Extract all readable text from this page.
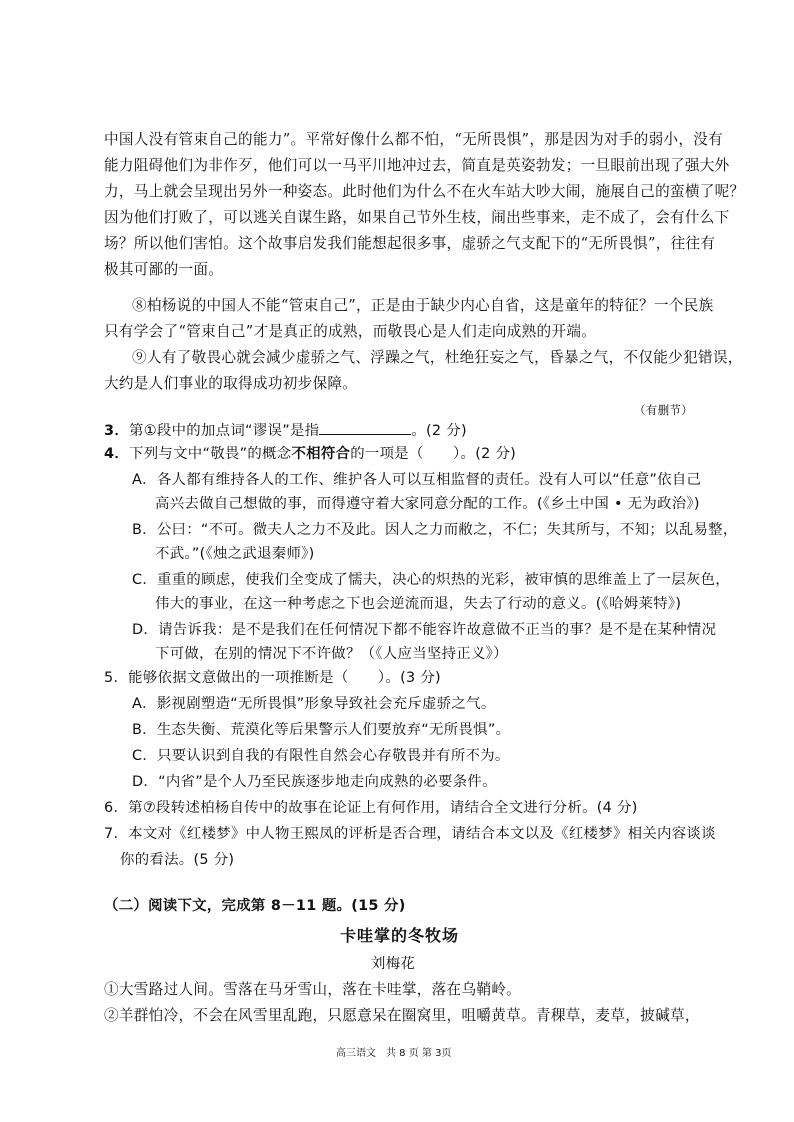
中国人没有管束自己的能力”。平常好像什么都不怕，“无所畏惧”，那是因为对手的弱小，没有
能力阻碍他们为非作歹，他们可以一马平川地冲过去，简直是英姿勃发；一旦眼前出现了强大外
力，马上就会呈现出另外一种姿态。此时他们为什么不在火车站大吵大闹，施展自己的蛮横了呢？
因为他们打败了，可以逃关自谋生路，如果自己节外生枝，闹出些事来，走不成了，会有什么下
场？所以他们害怕。这个故事启发我们能想起很多事，虚骄之气支配下的“无所畏惧”，往往有
极其可鄙的一面。
⑧柏杨说的中国人不能“管束自己”，正是由于缺少内心自省，这是童年的特征？一个民族
只有学会了“管束自己”才是真正的成熟，而敬畏心是人们走向成熟的开端。
⑨人有了敬畏心就会减少虚骄之气、浮躁之气，杜绝狂妄之气，昏暴之气，不仅能少犯错误，
大约是人们事业的取得成功初步保障。
（有删节）
3．第①段中的加点词“谬误”是指	。(2 分)
4．下列与文中“敬畏”的概念不相符合的一项是（　　）。(2 分)
A．各人都有维持各人的工作、维护各人可以互相监督的责任。没有人可以“任意”依自己
高兴去做自己想做的事，而得遵守着大家同意分配的工作。(《乡土中国 • 无为政治》)
B．公曰：“不可。微夫人之力不及此。因人之力而敝之，不仁；失其所与，不知；以乱易整，
不武。”(《烛之武退秦师》)
C．重重的顾虑，使我们全变成了懦夫，决心的炽热的光彩，被审慎的思维盖上了一层灰色，
伟大的事业，在这一种考虑之下也会逆流而退，失去了行动的意义。(《哈姆莱特》)
D．请告诉我：是不是我们在任何情况下都不能容许故意做不正当的事？是不是在某种情况
下可做，在别的情况下不许做？（《人应当坚持正义》）
5．能够依据文意做出的一项推断是（　　）。(3 分)
A．影视剧塑造“无所畏惧”形象导致社会充斥虚骄之气。
B．生态失衡、荒漠化等后果警示人们要放弃“无所畏惧”。
C．只要认识到自我的有限性自然会心存敬畏并有所不为。
D．“内省”是个人乃至民族逐步地走向成熟的必要条件。
6．第⑦段转述柏杨自传中的故事在论证上有何作用，请结合全文进行分析。(4 分)
7．本文对《红楼梦》中人物王熙凤的评析是否合理，请结合本文以及《红楼梦》相关内容谈谈
你的看法。(5 分)
（二）阅读下文，完成第 8－11 题。(15 分)
卡哇掌的冬牧场
刘梅花
①大雪路过人间。雪落在马牙雪山，落在卡哇掌，落在乌鞘岭。
②羊群怕冷，不会在风雪里乱跑，只愿意呆在圈窝里，咀嚼黄草。青稞草，麦草，披碱草，
高三语文　共 8 页 第 3页
